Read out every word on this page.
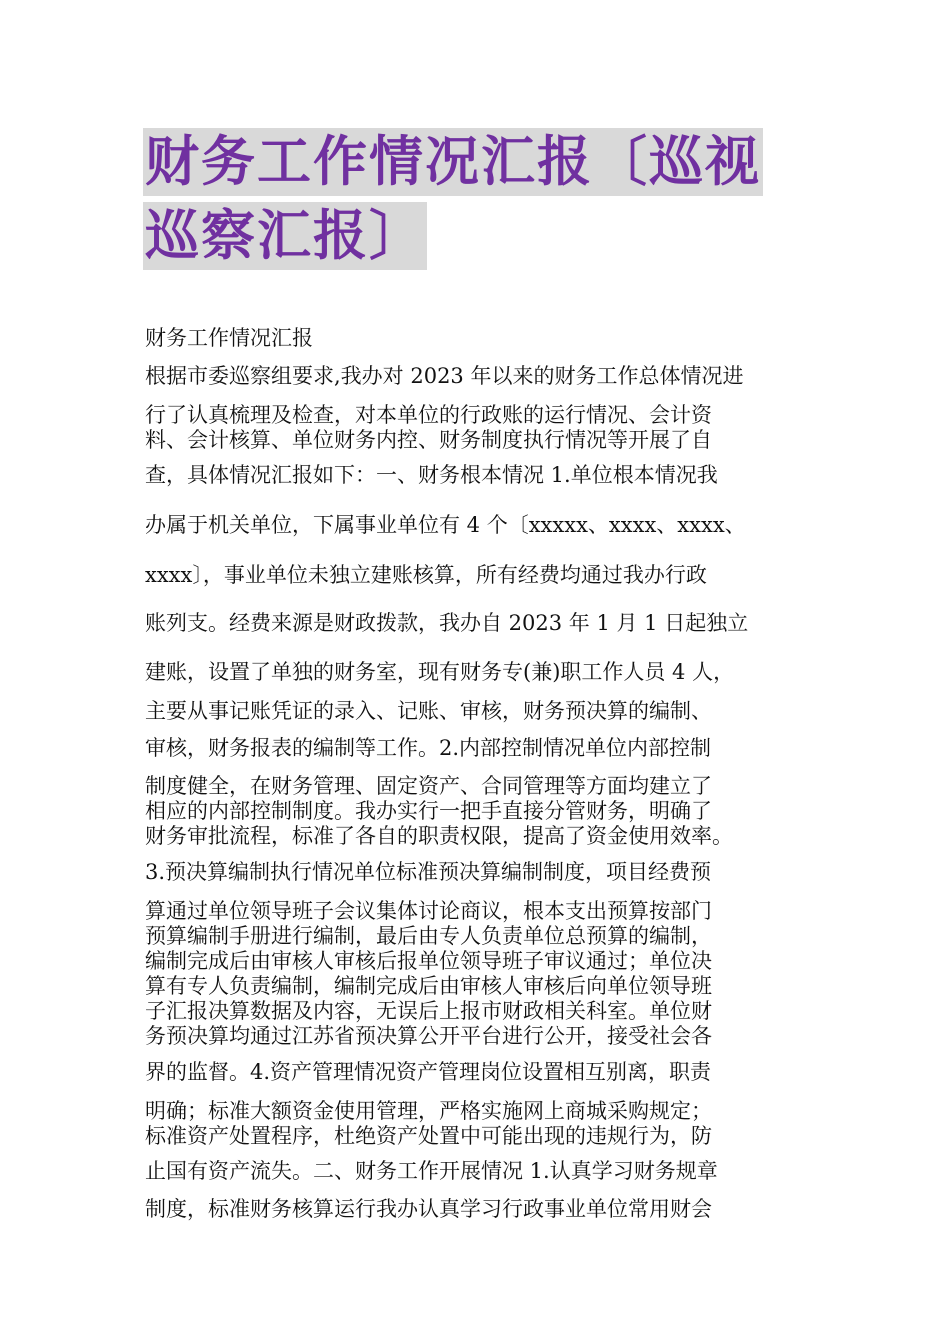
财务工作情况汇报〔巡视
巡察汇报〕
财务工作情况汇报
根据市委巡察组要求,我办对 2023 年以来的财务工作总体情况进
行了认真梳理及检查，对本单位的行政账的运行情况、会计资
料、会计核算、单位财务内控、财务制度执行情况等开展了自
查，具体情况汇报如下：一、财务根本情况 1.单位根本情况我
办属于机关单位，下属事业单位有 4 个〔xxxxx、xxxx、xxxx、
xxxx〕，事业单位未独立建账核算，所有经费均通过我办行政
账列支。经费来源是财政拨款，我办自 2023 年 1 月 1 日起独立
建账，设置了单独的财务室，现有财务专(兼)职工作人员 4 人，
主要从事记账凭证的录入、记账、审核，财务预决算的编制、
审核，财务报表的编制等工作。2.内部控制情况单位内部控制
制度健全，在财务管理、固定资产、合同管理等方面均建立了
相应的内部控制制度。我办实行一把手直接分管财务，明确了
财务审批流程，标准了各自的职责权限，提高了资金使用效率。
3.预决算编制执行情况单位标准预决算编制制度，项目经费预
算通过单位领导班子会议集体讨论商议，根本支出预算按部门
预算编制手册进行编制，最后由专人负责单位总预算的编制，
编制完成后由审核人审核后报单位领导班子审议通过；单位决
算有专人负责编制，编制完成后由审核人审核后向单位领导班
子汇报决算数据及内容，无误后上报市财政相关科室。单位财
务预决算均通过江苏省预决算公开平台进行公开，接受社会各
界的监督。4.资产管理情况资产管理岗位设置相互别离，职责
明确；标准大额资金使用管理，严格实施网上商城采购规定；
标准资产处置程序，杜绝资产处置中可能出现的违规行为，防
止国有资产流失。二、财务工作开展情况 1.认真学习财务规章
制度，标准财务核算运行我办认真学习行政事业单位常用财会
